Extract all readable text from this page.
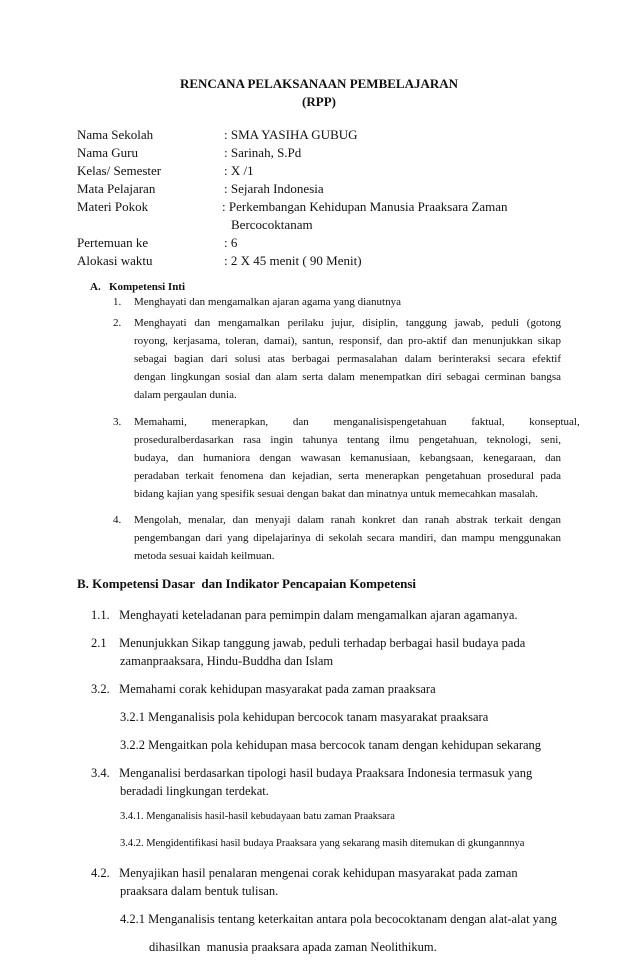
RENCANA PELAKSANAAN PEMBELAJARAN
(RPP)
Nama Sekolah	: SMA YASIHA GUBUG
Nama Guru	: Sarinah, S.Pd
Kelas/ Semester	: X /1
Mata Pelajaran	: Sejarah Indonesia
Materi Pokok	: Perkembangan Kehidupan Manusia Praaksara Zaman
Bercocoktanam
Pertemuan ke	: 6
Alokasi waktu	: 2 X 45 menit ( 90 Menit)
A.   Kompetensi Inti
1. Menghayati dan mengamalkan ajaran agama yang dianutnya
2. Menghayati dan mengamalkan perilaku jujur, disiplin, tanggung jawab, peduli (gotong
royong, kerjasama, toleran, damai), santun, responsif, dan pro-aktif dan menunjukkan sikap
sebagai bagian dari solusi atas berbagai permasalahan dalam berinteraksi secara efektif
dengan lingkungan sosial dan alam serta dalam menempatkan diri sebagai cerminan bangsa
dalam pergaulan dunia.
3. Memahami, menerapkan, dan menganalisispengetahuan faktual, konseptual,
proseduralberdasarkan rasa ingin tahunya tentang ilmu pengetahuan, teknologi, seni,
budaya, dan humaniora dengan wawasan kemanusiaan, kebangsaan, kenegaraan, dan
peradaban terkait fenomena dan kejadian, serta menerapkan pengetahuan prosedural pada
bidang kajian yang spesifik sesuai dengan bakat dan minatnya untuk memecahkan masalah.
4. Mengolah, menalar, dan menyaji dalam ranah konkret dan ranah abstrak terkait dengan
pengembangan dari yang dipelajarinya di sekolah secara mandiri, dan mampu menggunakan
metoda sesuai kaidah keilmuan.
B. Kompetensi Dasar  dan Indikator Pencapaian Kompetensi
1.1.   Menghayati keteladanan para pemimpin dalam mengamalkan ajaran agamanya.
2.1    Menunjukkan Sikap tanggung jawab, peduli terhadap berbagai hasil budaya pada
zamanpraaksara, Hindu-Buddha dan Islam
3.2.   Memahami corak kehidupan masyarakat pada zaman praaksara
3.2.1 Menganalisis pola kehidupan bercocok tanam masyarakat praaksara
3.2.2 Mengaitkan pola kehidupan masa bercocok tanam dengan kehidupan sekarang
3.4.   Menganalisi berdasarkan tipologi hasil budaya Praaksara Indonesia termasuk yang
beradadi lingkungan terdekat.
3.4.1. Menganalisis hasil-hasil kebudayaan batu zaman Praaksara
3.4.2. Mengidentifikasi hasil budaya Praaksara yang sekarang masih ditemukan di gkungannnya
4.2.   Menyajikan hasil penalaran mengenai corak kehidupan masyarakat pada zaman
praaksara dalam bentuk tulisan.
4.2.1 Menganalisis tentang keterkaitan antara pola becocoktanam dengan alat-alat yang
dihasilkan  manusia praaksara apada zaman Neolithikum.
